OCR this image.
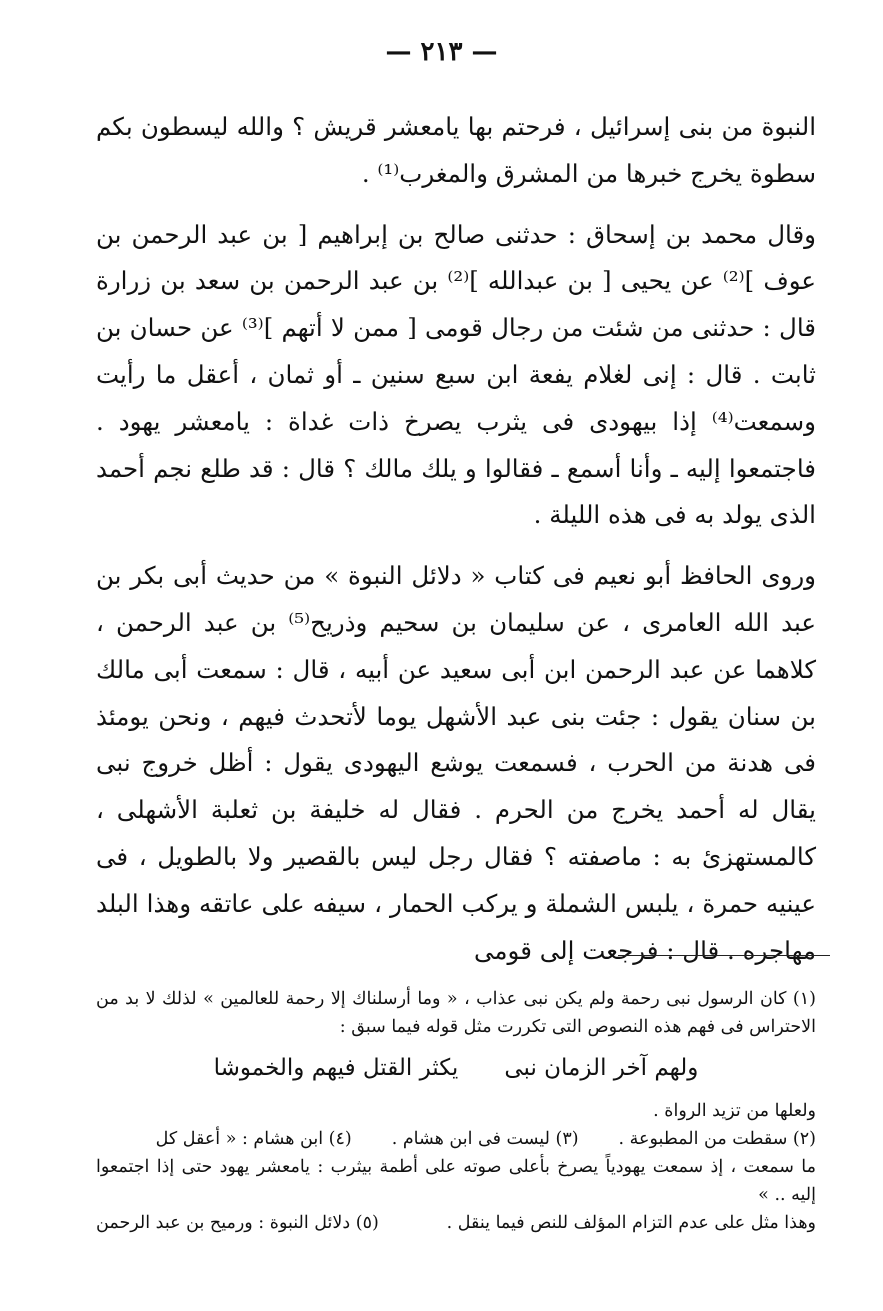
— ٢١٣ —

النبوة من بنى إسرائيل ، فرحتم بها يامعشر قريش ؟ والله ليسطون بكم سطوة يخرج خبرها من المشرق والمغرب⁽¹⁾ .

وقال محمد بن إسحاق : حدثنى صالح بن إبراهيم [ بن عبد الرحمن بن عوف ]⁽²⁾ عن يحيى [ بن عبدالله ]⁽²⁾ بن عبد الرحمن بن سعد بن زرارة قال : حدثنى من شئت من رجال قومى [ ممن لا أتهم ]⁽³⁾ عن حسان بن ثابت . قال : إنى لغلام يفعة ابن سبع سنين ـ أو ثمان ، أعقل ما رأيت وسمعت⁽⁴⁾ إذا بيهودى فى يثرب يصرخ ذات غداة : يامعشر يهود . فاجتمعوا إليه ـ وأنا أسمع ـ فقالوا و يلك مالك ؟ قال : قد طلع نجم أحمد الذى يولد به فى هذه الليلة .

وروى الحافظ أبو نعيم فى كتاب « دلائل النبوة » من حديث أبى بكر بن عبد الله العامرى ، عن سليمان بن سحيم وذريح⁽⁵⁾ بن عبد الرحمن ، كلاهما عن عبد الرحمن ابن أبى سعيد عن أبيه ، قال : سمعت أبى مالك بن سنان يقول : جئت بنى عبد الأشهل يوما لأتحدث فيهم ، ونحن يومئذ فى هدنة من الحرب ، فسمعت يوشع اليهودى يقول : أظل خروج نبى يقال له أحمد يخرج من الحرم . فقال له خليفة بن ثعلبة الأشهلى ، كالمستهزئ به : ماصفته ؟ فقال رجل ليس بالقصير ولا بالطويل ، فى عينيه حمرة ، يلبس الشملة و يركب الحمار ، سيفه على عاتقه وهذا البلد مهاجره . قال : فرجعت إلى قومى

(١) كان الرسول نبى رحمة ولم يكن نبى عذاب ، « وما أرسلناك إلا رحمة للعالمين » لذلك لا بد من الاحتراس فى فهم هذه النصوص التى تكررت مثل قوله فيما سبق :

ولهم آخر الزمان نبى
يكثر القتل فيهم والخموشا

ولعلها من تزيد الرواة .

(٢) سقطت من المطبوعة .
(٣) ليست فى ابن هشام .
(٤) ابن هشام : « أعقل كل

ما سمعت ، إذ سمعت يهودياً يصرخ بأعلى صوته على أطمة بيثرب : يامعشر يهود حتى إذا اجتمعوا إليه .. »

وهذا مثل على عدم التزام المؤلف للنص فيما ينقل .
(٥) دلائل النبوة : ورميح بن عبد الرحمن
